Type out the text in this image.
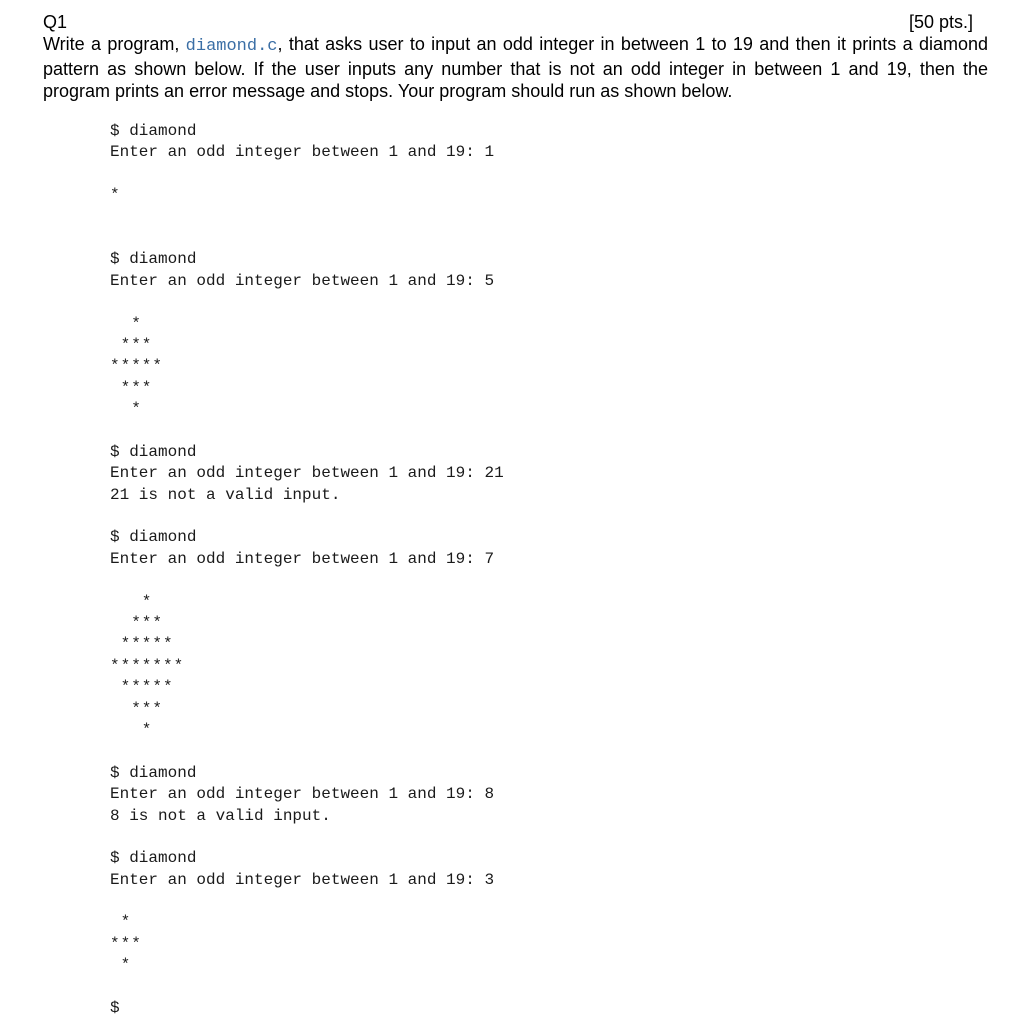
Q1	[50 pts.]

Write a program, diamond.c, that asks user to input an odd integer in between 1 to 19 and then it prints a diamond pattern as shown below. If the user inputs any number that is not an odd integer in between 1 and 19, then the program prints an error message and stops. Your program should run as shown below.

$ diamond
Enter an odd integer between 1 and 19: 1

*

$ diamond
Enter an odd integer between 1 and 19: 5

*
***
*****
***
*

$ diamond
Enter an odd integer between 1 and 19: 21
21 is not a valid input.

$ diamond
Enter an odd integer between 1 and 19: 7

*
***
*****
*******
*****
***
*

$ diamond
Enter an odd integer between 1 and 19: 8
8 is not a valid input.

$ diamond
Enter an odd integer between 1 and 19: 3

*
***
*

$
